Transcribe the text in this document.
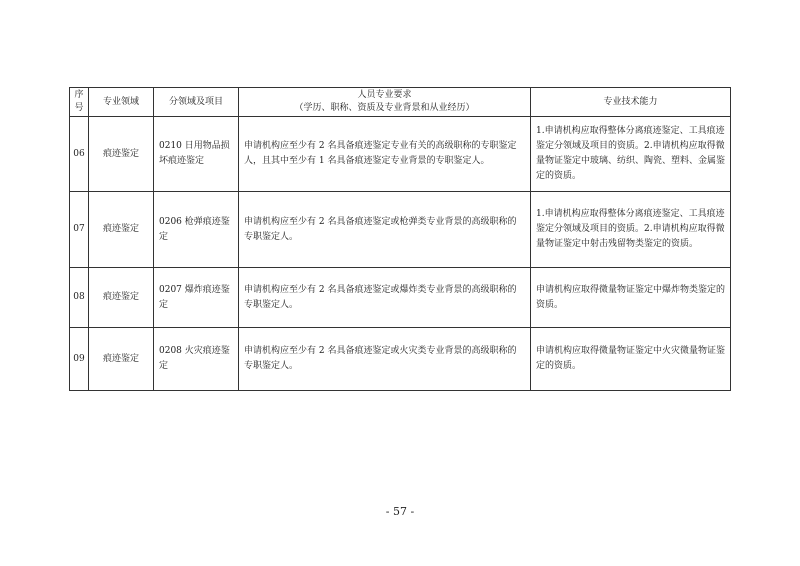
序号	专业领域	分领域及项目	人员专业要求
（学历、职称、资质及专业背景和从业经历）	专业技术能力
06	痕迹鉴定	0210 日用物品损坏痕迹鉴定	申请机构应至少有 2 名具备痕迹鉴定专业有关的高级职称的专职鉴定人，且其中至少有 1 名具备痕迹鉴定专业背景的专职鉴定人。	1.申请机构应取得整体分离痕迹鉴定、工具痕迹鉴定分领域及项目的资质。2.申请机构应取得微量物证鉴定中玻璃、纺织、陶瓷、塑料、金属鉴定的资质。
07	痕迹鉴定	0206 枪弹痕迹鉴定	申请机构应至少有 2 名具备痕迹鉴定或枪弹类专业背景的高级职称的专职鉴定人。	1.申请机构应取得整体分离痕迹鉴定、工具痕迹鉴定分领域及项目的资质。2.申请机构应取得微量物证鉴定中射击残留物类鉴定的资质。
08	痕迹鉴定	0207 爆炸痕迹鉴定	申请机构应至少有 2 名具备痕迹鉴定或爆炸类专业背景的高级职称的专职鉴定人。	申请机构应取得微量物证鉴定中爆炸物类鉴定的资质。
09	痕迹鉴定	0208 火灾痕迹鉴定	申请机构应至少有 2 名具备痕迹鉴定或火灾类专业背景的高级职称的专职鉴定人。	申请机构应取得微量物证鉴定中火灾微量物证鉴定的资质。
- 57 -
